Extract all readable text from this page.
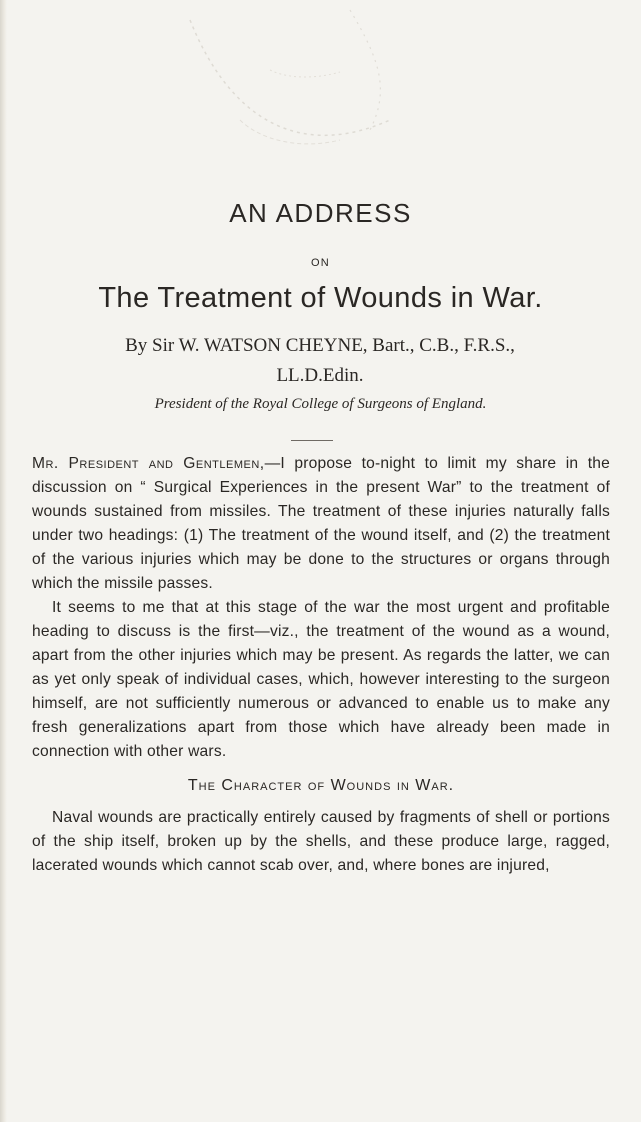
AN ADDRESS
ON
The Treatment of Wounds in War.
By Sir W. WATSON CHEYNE, Bart., C.B., F.R.S.,
LL.D.Edin.
President of the Royal College of Surgeons of England.

Mr. President and Gentlemen,—I propose to-night to limit my share in the discussion on “ Surgical Experiences in the present War” to the treatment of wounds sustained from missiles. The treatment of these injuries naturally falls under two headings: (1) The treatment of the wound itself, and (2) the treatment of the various injuries which may be done to the structures or organs through which the missile passes.

It seems to me that at this stage of the war the most urgent and profitable heading to discuss is the first—viz., the treatment of the wound as a wound, apart from the other injuries which may be present. As regards the latter, we can as yet only speak of individual cases, which, however interesting to the surgeon himself, are not sufficiently numerous or advanced to enable us to make any fresh generalizations apart from those which have already been made in connection with other wars.

The Character of Wounds in War.

Naval wounds are practically entirely caused by fragments of shell or portions of the ship itself, broken up by the shells, and these produce large, ragged, lacerated wounds which cannot scab over, and, where bones are injured,
